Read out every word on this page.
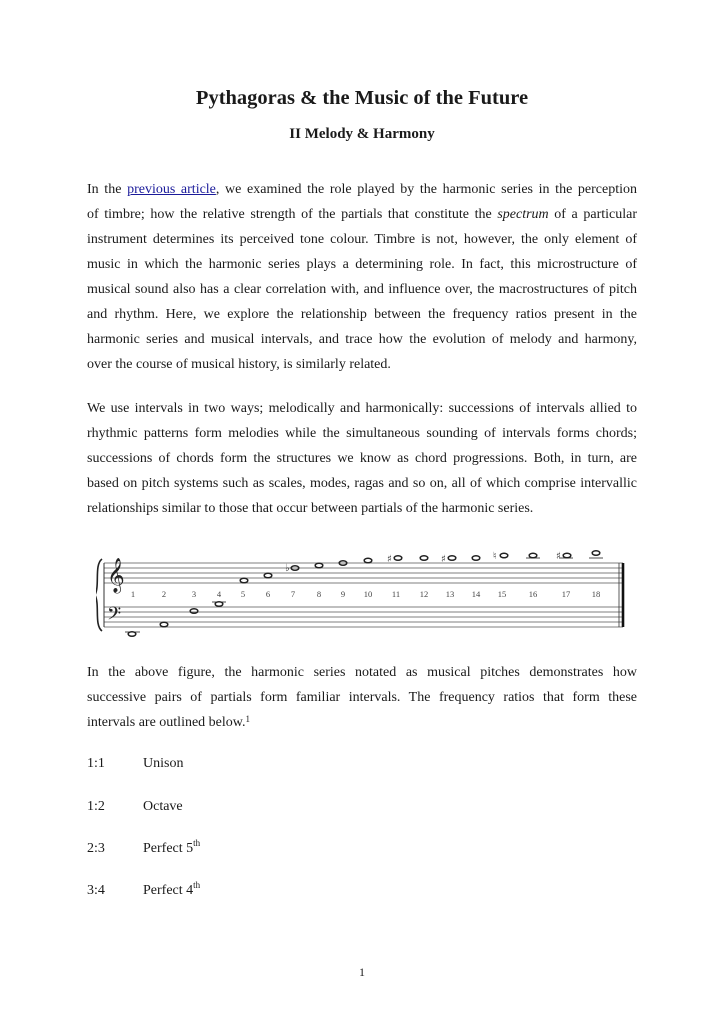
Pythagoras & the Music of the Future
II Melody & Harmony
In the previous article, we examined the role played by the harmonic series in the perception
of timbre; how the relative strength of the partials that constitute the spectrum of a particular
instrument determines its perceived tone colour. Timbre is not, however, the only element of
music in which the harmonic series plays a determining role. In fact, this microstructure of
musical sound also has a clear correlation with, and influence over, the macrostructures of pitch
and rhythm. Here, we explore the relationship between the frequency ratios present in the
harmonic series and musical intervals, and trace how the evolution of melody and harmony,
over the course of musical history, is similarly related.
We use intervals in two ways; melodically and harmonically: successions of intervals allied to
rhythmic patterns form melodies while the simultaneous sounding of intervals forms chords;
successions of chords form the structures we know as chord progressions. Both, in turn, are
based on pitch systems such as scales, modes, ragas and so on, all of which comprise intervallic
relationships similar to those that occur between partials of the harmonic series.
𝄞
𝄢
1	2	3 4 5 6 7	8 9 10 11 12 13 14 15	16	17	18
♭
♯	♯	♮	♯
In the above figure, the harmonic series notated as musical pitches demonstrates how
successive pairs of partials form familiar intervals. The frequency ratios that form these
intervals are outlined below.$^1$
1:1	Unison
1:2	Octave
2:3	Perfect 5th
3:4	Perfect 4th
1
